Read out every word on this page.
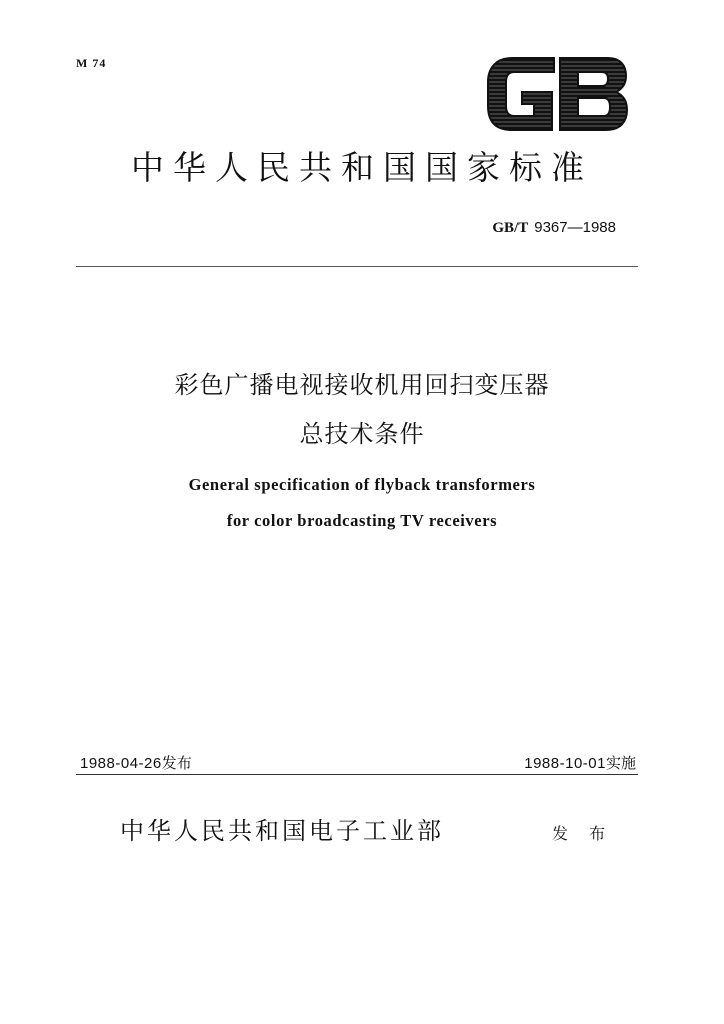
M 74
中华人民共和国国家标准
GB/T 9367—1988
彩色广播电视接收机用回扫变压器
总技术条件
General specification of flyback transformers
for color broadcasting TV receivers
1988-04-26发布	1988-10-01实施
中华人民共和国电子工业部	发 布
